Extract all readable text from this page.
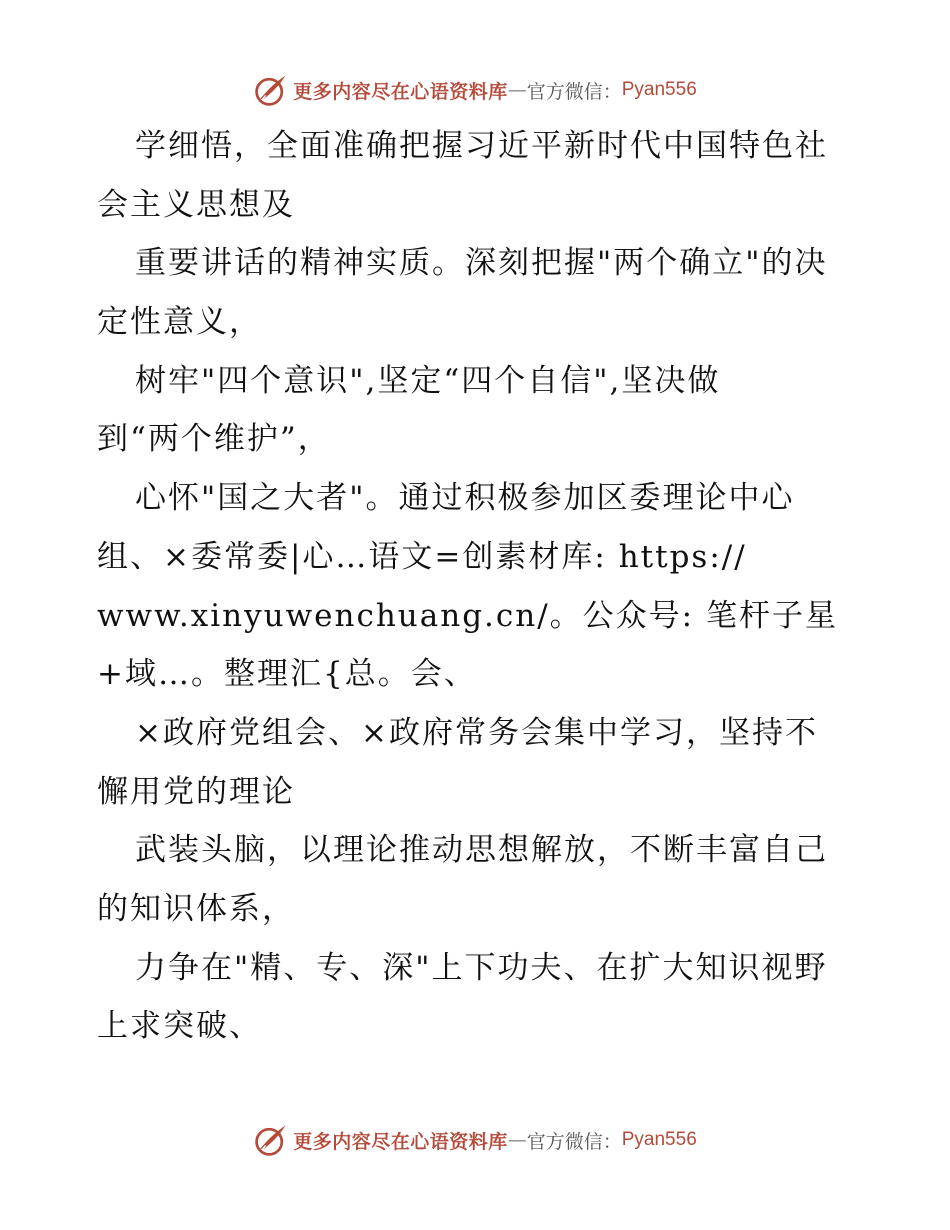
更多内容尽在心语资料库 — 官方微信： Pyan556
学细悟，全面准确把握习近平新时代中国特色社
会主义思想及
重要讲话的精神实质。深刻把握"两个确立"的决
定性意义，
树牢"四个意识",坚定“四个自信",坚决做
到“两个维护”，
心怀"国之大者"。通过积极参加区委理论中心
组、×委常委|心…语文=创素材库: https://
www.xinyuwenchuang.cn/。公众号: 笔杆子星
+域…。整理汇{总。会、
×政府党组会、×政府常务会集中学习，坚持不
懈用党的理论
武装头脑，以理论推动思想解放，不断丰富自己
的知识体系，
力争在"精、专、深"上下功夫、在扩大知识视野
上求突破、
更多内容尽在心语资料库 — 官方微信： Pyan556
